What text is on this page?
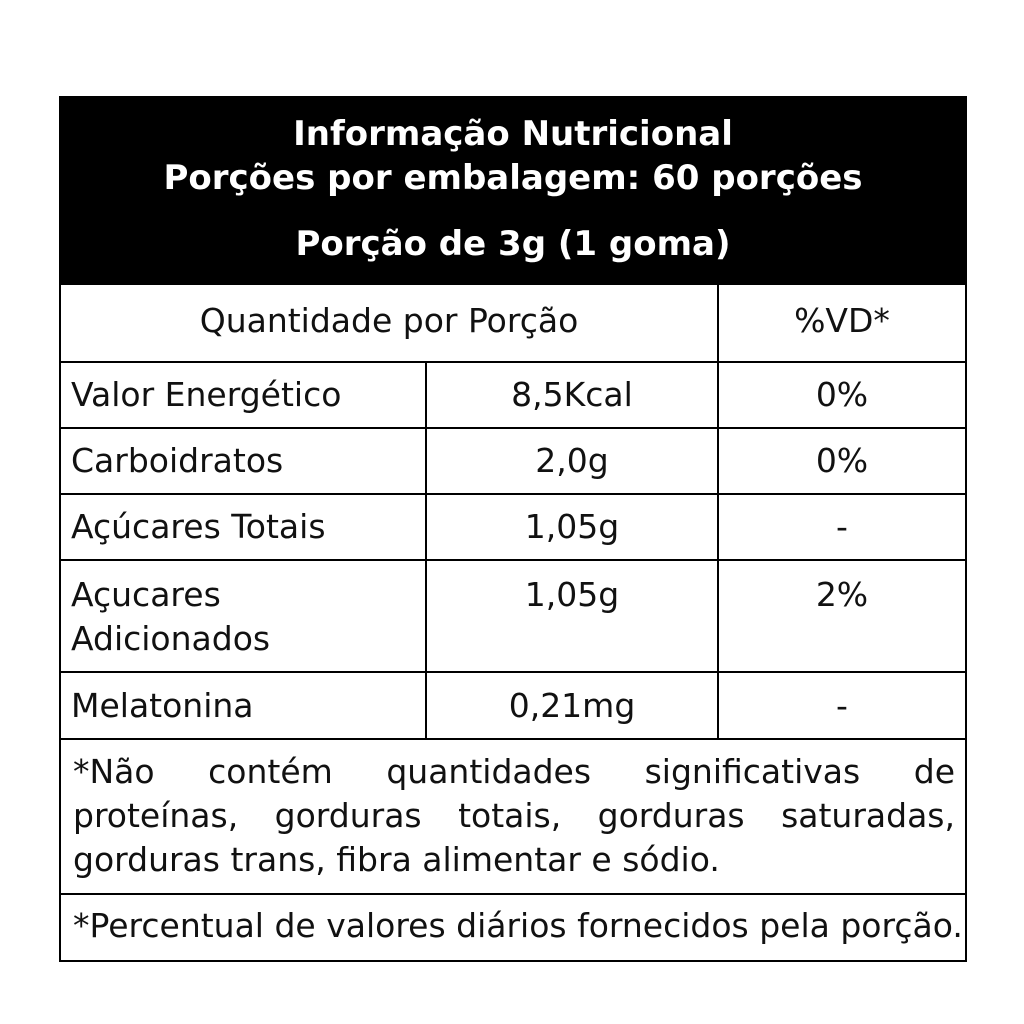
Informação Nutricional
Porções por embalagem: 60 porções
Porção de 3g (1 goma)
Quantidade por Porção	%VD*
Valor Energético	8,5Kcal	0%
Carboidratos	2,0g	0%
Açúcares Totais	1,05g	-
Açucares
Adicionados
1,05g	2%
Melatonina	0,21mg	-
*Não contém quantidades significativas de proteínas, gorduras totais, gorduras saturadas, gorduras trans, fibra alimentar e sódio.
*Percentual de valores diários fornecidos pela porção.
